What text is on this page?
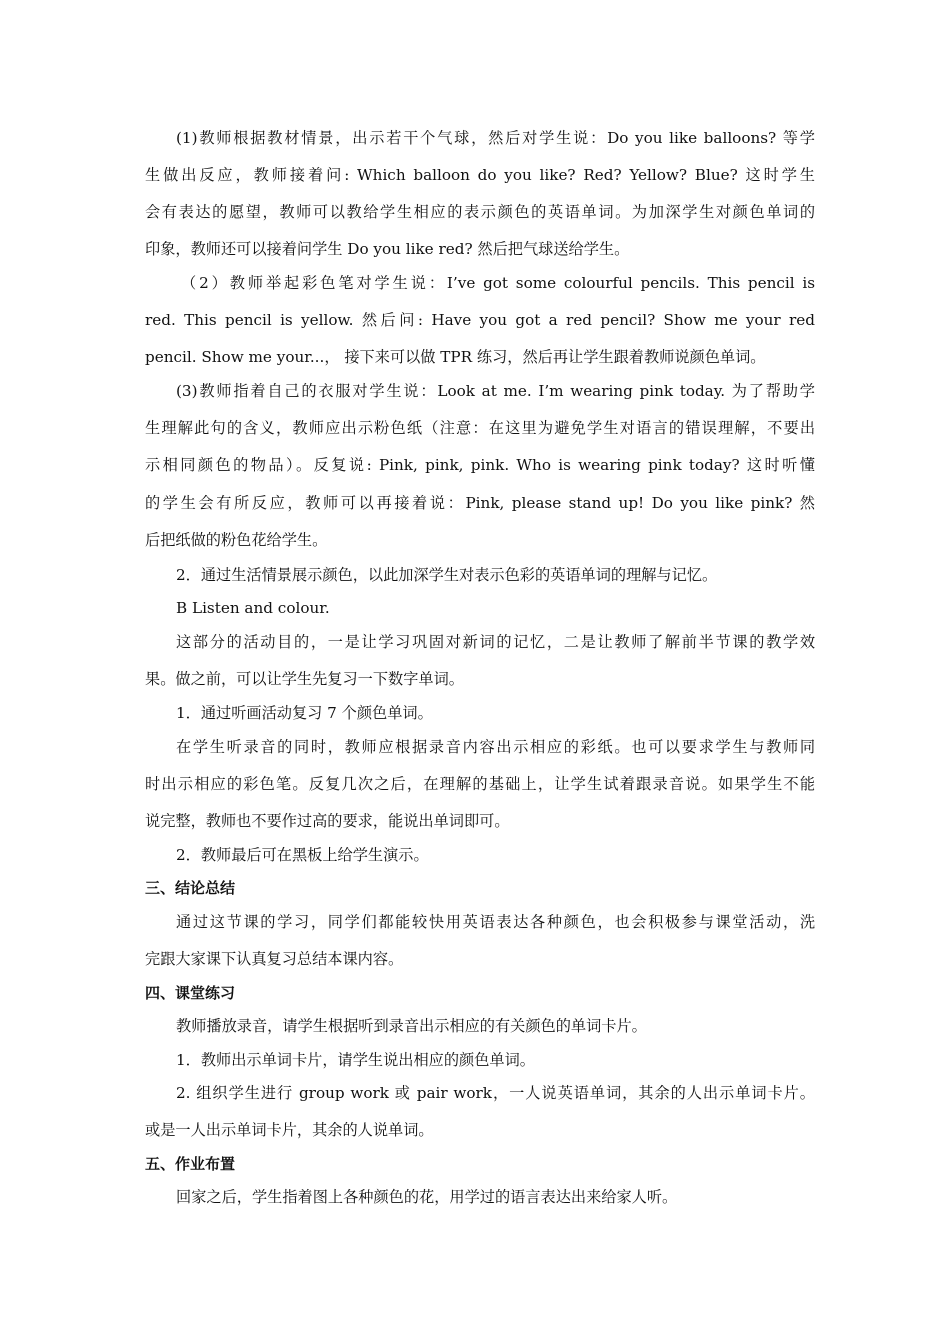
(1)教师根据教材情景，出示若干个气球，然后对学生说：Do you like balloons? 等学
生做出反应，教师接着问: Which balloon do you like? Red? Yellow? Blue? 这时学生
会有表达的愿望，教师可以教给学生相应的表示颜色的英语单词。为加深学生对颜色单词的
印象，教师还可以接着问学生 Do you like red? 然后把气球送给学生。
（2）教师举起彩色笔对学生说：I’ve got some colourful pencils. This pencil is
red. This pencil is yellow. 然后问: Have you got a red pencil? Show me your red
pencil. Show me your...， 接下来可以做 TPR 练习，然后再让学生跟着教师说颜色单词。
(3)教师指着自己的衣服对学生说：Look at me. I’m wearing pink today. 为了帮助学
生理解此句的含义，教师应出示粉色纸（注意：在这里为避免学生对语言的错误理解，不要出
示相同颜色的物品）。反复说: Pink, pink, pink. Who is wearing pink today? 这时听懂
的学生会有所反应，教师可以再接着说：Pink, please stand up! Do you like pink? 然
后把纸做的粉色花给学生。
2．通过生活情景展示颜色，以此加深学生对表示色彩的英语单词的理解与记忆。
B Listen and colour.
这部分的活动目的，一是让学习巩固对新词的记忆，二是让教师了解前半节课的教学效
果。做之前，可以让学生先复习一下数字单词。
1．通过听画活动复习 7 个颜色单词。
在学生听录音的同时，教师应根据录音内容出示相应的彩纸。也可以要求学生与教师同
时出示相应的彩色笔。反复几次之后，在理解的基础上，让学生试着跟录音说。如果学生不能
说完整，教师也不要作过高的要求，能说出单词即可。
2．教师最后可在黑板上给学生演示。
三、结论总结
通过这节课的学习，同学们都能较快用英语表达各种颜色，也会积极参与课堂活动，洗
完跟大家课下认真复习总结本课内容。
四、课堂练习
教师播放录音，请学生根据听到录音出示相应的有关颜色的单词卡片。
1．教师出示单词卡片，请学生说出相应的颜色单词。
2. 组织学生进行 group work 或 pair work，一人说英语单词，其余的人出示单词卡片。
或是一人出示单词卡片，其余的人说单词。
五、作业布置
回家之后，学生指着图上各种颜色的花，用学过的语言表达出来给家人听。
